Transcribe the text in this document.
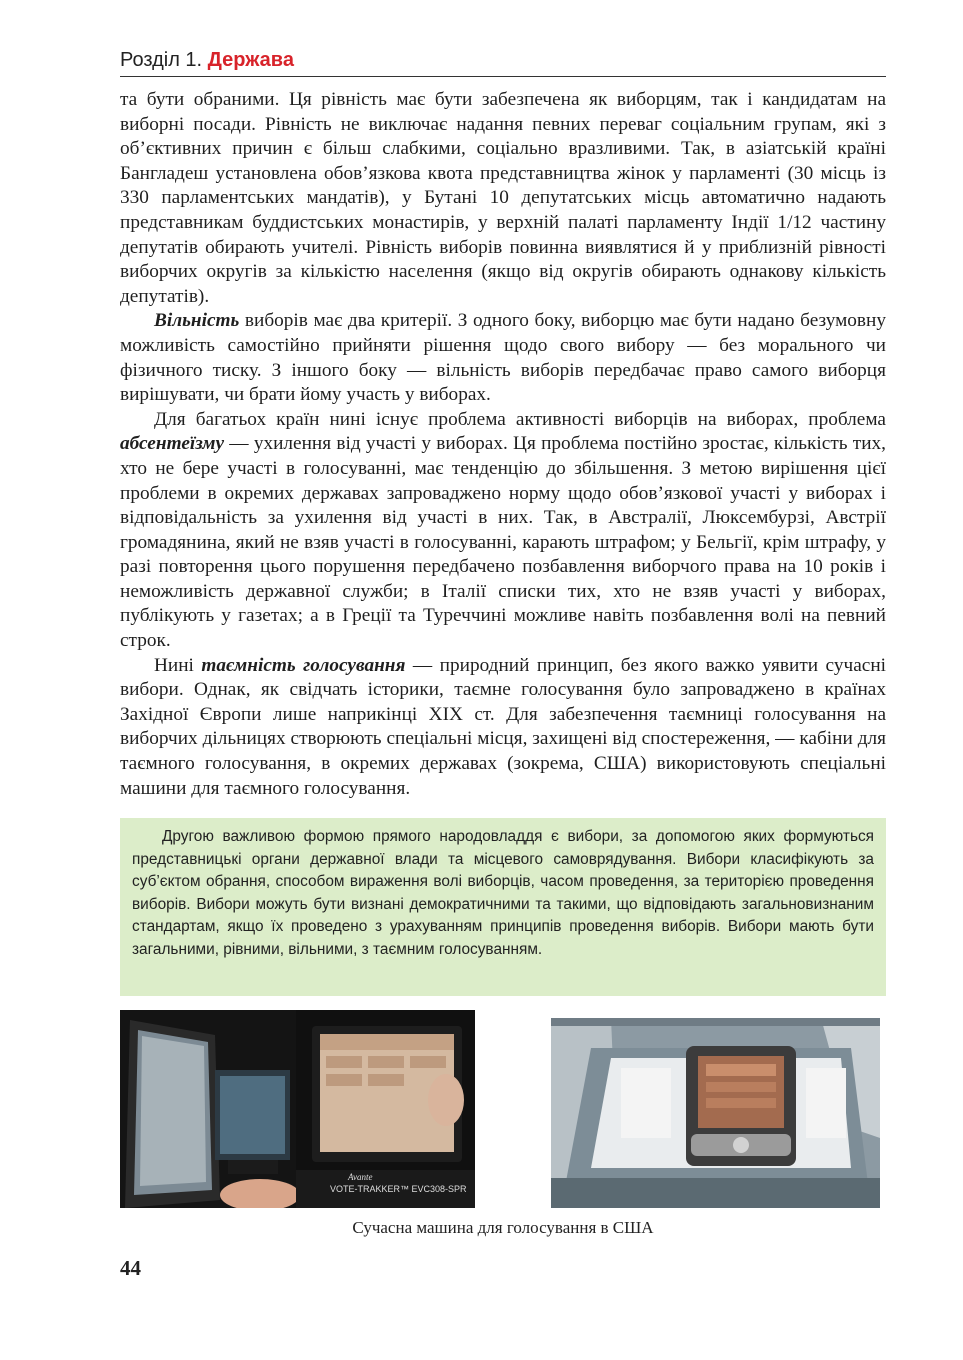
Розділ 1. Держава

та бути обраними. Ця рівність має бути забезпечена як виборцям, так і кандидатам на виборні посади. Рівність не виключає надання певних переваг соціальним групам, які з об’єктивних причин є більш слабкими, соціально вразливими. Так, в азіатській країні Бангладеш установлена обов’язкова квота представництва жінок у парламенті (30 місць із 330 парламентських мандатів), у Бутані 10 депутатських місць автоматично надають представникам буддистських монастирів, у верхній палаті парламенту Індії 1/12 частину депутатів обирають учителі. Рівність виборів повинна виявлятися й у приблизній рівності виборчих округів за кількістю населення (якщо від округів обирають однакову кількість депутатів).

Вільність виборів має два критерії. З одного боку, виборцю має бути надано безумовну можливість самостійно прийняти рішення щодо свого вибору — без морального чи фізичного тиску. З іншого боку — вільність виборів передбачає право самого виборця вирішувати, чи брати йому участь у виборах.

Для багатьох країн нині існує проблема активності виборців на виборах, проблема абсентеїзму — ухилення від участі у виборах. Ця проблема постійно зростає, кількість тих, хто не бере участі в голосуванні, має тенденцію до збільшення. З метою вирішення цієї проблеми в окремих державах запроваджено норму щодо обов’язкової участі у виборах і відповідальність за ухилення від участі в них. Так, в Австралії, Люксембурзі, Австрії громадянина, який не взяв участі в голосуванні, карають штрафом; у Бельгії, крім штрафу, у разі повторення цього порушення передбачено позбавлення виборчого права на 10 років і неможливість державної служби; в Італії списки тих, хто не взяв участі у виборах, публікують у газетах; а в Греції та Туреччині можливе навіть позбавлення волі на певний строк.

Нині таємність голосування — природний принцип, без якого важко уявити сучасні вибори. Однак, як свідчать історики, таємне голосування було запроваджено в країнах Західної Європи лише наприкінці XIX ст. Для забезпечення таємниці голосування на виборчих дільницях створюють спеціальні місця, захищені від спостереження, — кабіни для таємного голосування, в окремих державах (зокрема, США) використовують спеціальні машини для таємного голосування.

Другою важливою формою прямого народовладдя є вибори, за допомогою яких формуються представницькі органи державної влади та місцевого самоврядування. Вибори класифікують за суб’єктом обрання, способом вираження волі виборців, часом проведення, за територією проведення виборів. Вибори можуть бути визнані демократичними та такими, що відповідають загальновизнаним стандартам, якщо їх проведено з урахуванням принципів проведення виборів. Вибори мають бути загальними, рівними, вільними, з таємним голосуванням.

Avante
VOTE-TRAKKER™ EVC308-SPR
Сучасна машина для голосування в США
44
